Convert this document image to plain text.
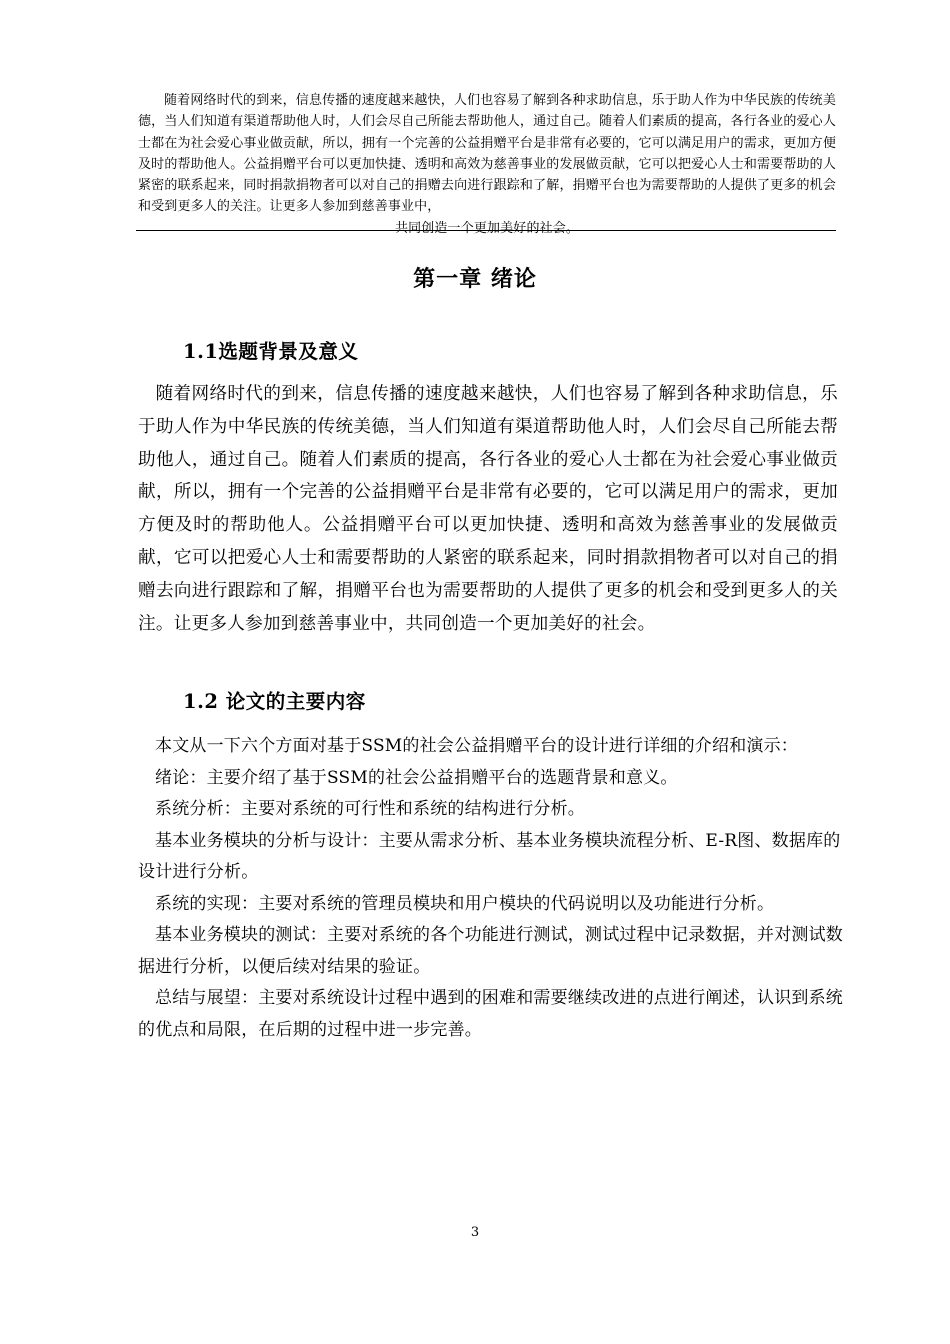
随着网络时代的到来，信息传播的速度越来越快，人们也容易了解到各种求助信息，乐于助人作为中华民族的传统美德，当人们知道有渠道帮助他人时，人们会尽自己所能去帮助他人，通过自己。随着人们素质的提高，各行各业的爱心人士都在为社会爱心事业做贡献，所以，拥有一个完善的公益捐赠平台是非常有必要的，它可以满足用户的需求，更加方便及时的帮助他人。公益捐赠平台可以更加快捷、透明和高效为慈善事业的发展做贡献，它可以把爱心人士和需要帮助的人紧密的联系起来，同时捐款捐物者可以对自己的捐赠去向进行跟踪和了解，捐赠平台也为需要帮助的人提供了更多的机会和受到更多人的关注。让更多人参加到慈善事业中，
共同创造一个更加美好的社会。
第一章 绪论
1.1选题背景及意义
随着网络时代的到来，信息传播的速度越来越快，人们也容易了解到各种求助信息，乐于助人作为中华民族的传统美德，当人们知道有渠道帮助他人时，人们会尽自己所能去帮助他人，通过自己。随着人们素质的提高，各行各业的爱心人士都在为社会爱心事业做贡献，所以，拥有一个完善的公益捐赠平台是非常有必要的，它可以满足用户的需求，更加方便及时的帮助他人。公益捐赠平台可以更加快捷、透明和高效为慈善事业的发展做贡献，它可以把爱心人士和需要帮助的人紧密的联系起来，同时捐款捐物者可以对自己的捐赠去向进行跟踪和了解，捐赠平台也为需要帮助的人提供了更多的机会和受到更多人的关注。让更多人参加到慈善事业中，共同创造一个更加美好的社会。
1.2 论文的主要内容

本文从一下六个方面对基于SSM的社会公益捐赠平台的设计进行详细的介绍和演示：

绪论：主要介绍了基于SSM的社会公益捐赠平台的选题背景和意义。

系统分析：主要对系统的可行性和系统的结构进行分析。

基本业务模块的分析与设计：主要从需求分析、基本业务模块流程分析、E-R图、数据库的设计进行分析。

系统的实现：主要对系统的管理员模块和用户模块的代码说明以及功能进行分析。

基本业务模块的测试：主要对系统的各个功能进行测试，测试过程中记录数据，并对测试数据进行分析，以便后续对结果的验证。

总结与展望：主要对系统设计过程中遇到的困难和需要继续改进的点进行阐述，认识到系统的优点和局限，在后期的过程中进一步完善。

3
